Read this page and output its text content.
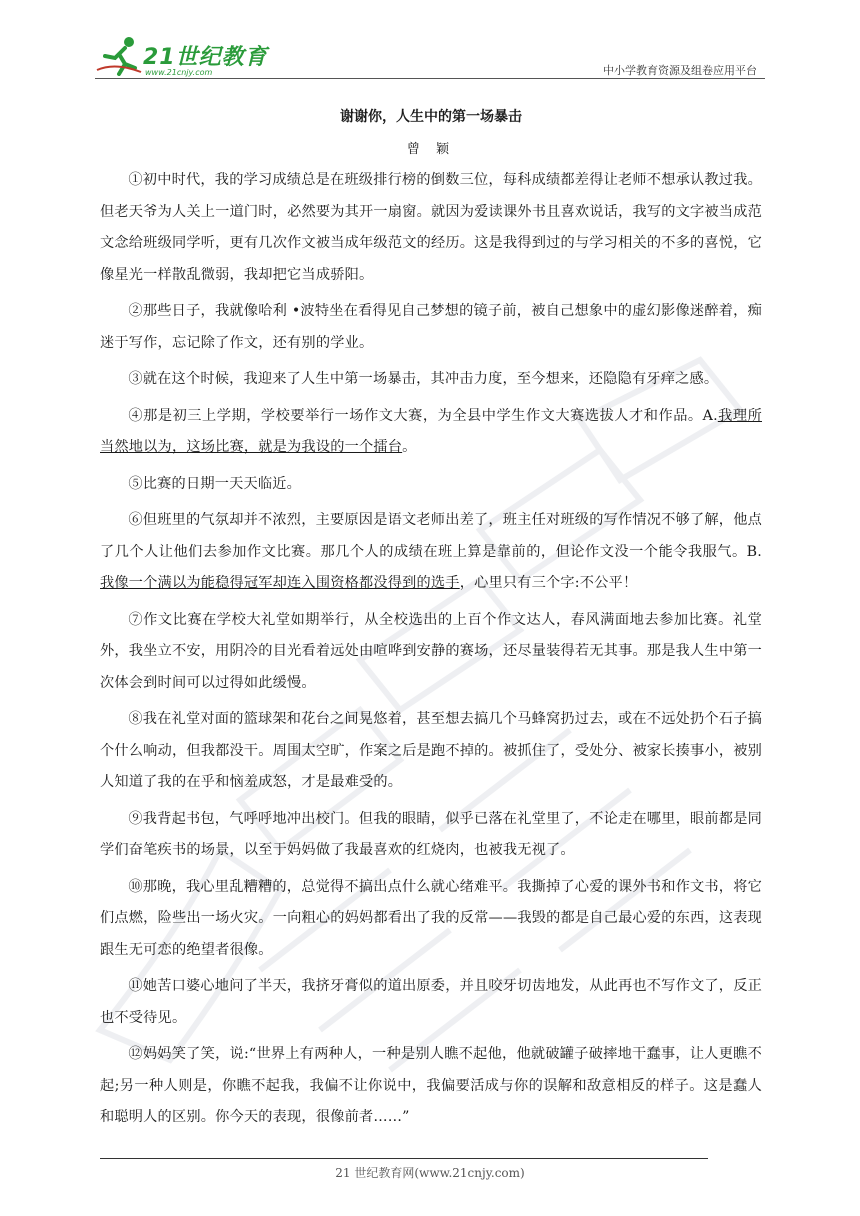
21世纪教育
www.21cnjy.com	中小学教育资源及组卷应用平台
谢谢你，人生中的第一场暴击
曾 颖

①初中时代，我的学习成绩总是在班级排行榜的倒数三位，每科成绩都差得让老师不想承认教过我。但老天爷为人关上一道门时，必然要为其开一扇窗。就因为爱读课外书且喜欢说话，我写的文字被当成范文念给班级同学听，更有几次作文被当成年级范文的经历。这是我得到过的与学习相关的不多的喜悦，它像星光一样散乱微弱，我却把它当成骄阳。

②那些日子，我就像哈利 •波特坐在看得见自己梦想的镜子前，被自己想象中的虚幻影像迷醉着，痴迷于写作，忘记除了作文，还有别的学业。

③就在这个时候，我迎来了人生中第一场暴击，其冲击力度，至今想来，还隐隐有牙痒之感。

④那是初三上学期，学校要举行一场作文大赛，为全县中学生作文大赛选拔人才和作品。A.我理所当然地以为，这场比赛，就是为我设的一个擂台。

⑤比赛的日期一天天临近。

⑥但班里的气氛却并不浓烈，主要原因是语文老师出差了，班主任对班级的写作情况不够了解，他点了几个人让他们去参加作文比赛。那几个人的成绩在班上算是靠前的，但论作文没一个能令我服气。B.我像一个满以为能稳得冠军却连入围资格都没得到的选手，心里只有三个字:不公平！

⑦作文比赛在学校大礼堂如期举行，从全校选出的上百个作文达人，春风满面地去参加比赛。礼堂外，我坐立不安，用阴冷的目光看着远处由喧哗到安静的赛场，还尽量装得若无其事。那是我人生中第一次体会到时间可以过得如此缓慢。

⑧我在礼堂对面的篮球架和花台之间晃悠着，甚至想去搞几个马蜂窝扔过去，或在不远处扔个石子搞个什么响动，但我都没干。周围太空旷，作案之后是跑不掉的。被抓住了，受处分、被家长揍事小，被别人知道了我的在乎和恼羞成怒，才是最难受的。

⑨我背起书包，气呼呼地冲出校门。但我的眼睛，似乎已落在礼堂里了，不论走在哪里，眼前都是同学们奋笔疾书的场景，以至于妈妈做了我最喜欢的红烧肉，也被我无视了。

⑩那晚，我心里乱糟糟的，总觉得不搞出点什么就心绪难平。我撕掉了心爱的课外书和作文书，将它们点燃，险些出一场火灾。一向粗心的妈妈都看出了我的反常——我毁的都是自己最心爱的东西，这表现跟生无可恋的绝望者很像。

⑪她苦口婆心地问了半天，我挤牙膏似的道出原委，并且咬牙切齿地发，从此再也不写作文了，反正也不受待见。

⑫妈妈笑了笑，说:“世界上有两种人，一种是别人瞧不起他，他就破罐子破摔地干蠢事，让人更瞧不起;另一种人则是，你瞧不起我，我偏不让你说中，我偏要活成与你的误解和敌意相反的样子。这是蠢人和聪明人的区别。你今天的表现，很像前者……”

21 世纪教育网(www.21cnjy.com)
